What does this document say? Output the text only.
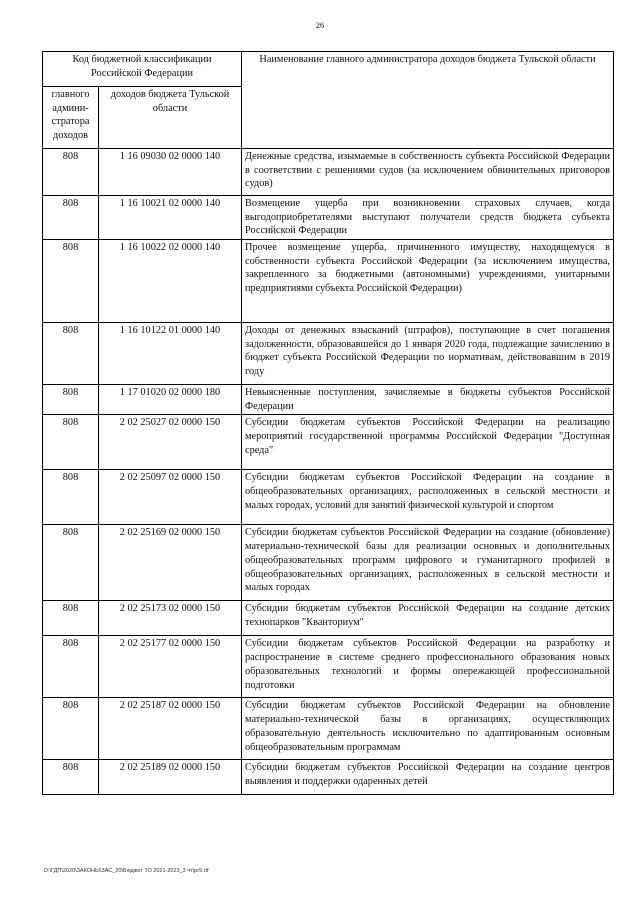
26
Код бюджетной классификации Российской Федерации		Наименование главного администратора доходов бюджета Тульской области
главного админи-стратора доходов	доходов бюджета Тульской области	
808	1 16 09030 02 0000 140	Денежные средства, изымаемые в собственность субъекта Российской Федерации в соответствии с решениями судов (за исключением обвинительных приговоров судов)
808	1 16 10021 02 0000 140	Возмещение ущерба при возникновении страховых случаев, когда выгодоприобретателями выступают получатели средств бюджета субъекта Российской Федерации
808	1 16 10022 02 0000 140	Прочее возмещение ущерба, причиненного имуществу, находящемуся в собственности субъекта Российской Федерации (за исключением имущества, закрепленного за бюджетными (автономными) учреждениями, унитарными предприятиями субъекта Российской Федерации)
808	1 16 10122 01 0000 140	Доходы от денежных взысканий (штрафов), поступающие в счет погашения задолженности, образовавшейся до 1 января 2020 года, подлежащие зачислению в бюджет субъекта Российской Федерации по нормативам, действовавшим в 2019 году
808	1 17 01020 02 0000 180	Невыясненные поступления, зачисляемые в бюджеты субъектов Российской Федерации
808	2 02 25027 02 0000 150	Субсидии бюджетам субъектов Российской Федерации на реализацию мероприятий государственной программы Российской Федерации "Доступная среда"
808	2 02 25097 02 0000 150	Субсидии бюджетам субъектов Российской Федерации на создание в общеобразовательных организациях, расположенных в сельской местности и малых городах, условий для занятий физической культурой и спортом
808	2 02 25169 02 0000 150	Субсидии бюджетам субъектов Российской Федерации на создание (обновление) материально-технической базы для реализации основных и дополнительных общеобразовательных программ цифрового и гуманитарного профилей в общеобразовательных организациях, расположенных в сельской местности и малых городах
808	2 02 25173 02 0000 150	Субсидии бюджетам субъектов Российской Федерации на создание детских технопарков "Кванториум"
808	2 02 25177 02 0000 150	Субсидии бюджетам субъектов Российской Федерации на разработку и распространение в системе среднего профессионального образования новых образовательных технологий и формы опережающей профессиональной подготовки
808	2 02 25187 02 0000 150	Субсидии бюджетам субъектов Российской Федерации на обновление материально-технической базы в организациях, осуществляющих образовательную деятельность исключительно по адаптированным основным общеобразовательным программам
808	2 02 25189 02 0000 150	Субсидии бюджетам субъектов Российской Федерации на создание центров выявления и поддержки одаренных детей
D:\ГДП\2020\ЗАКОНЫ\ЗАС_20\Бюджет ТО 2021-2023_3 чт\pr9.rtf
